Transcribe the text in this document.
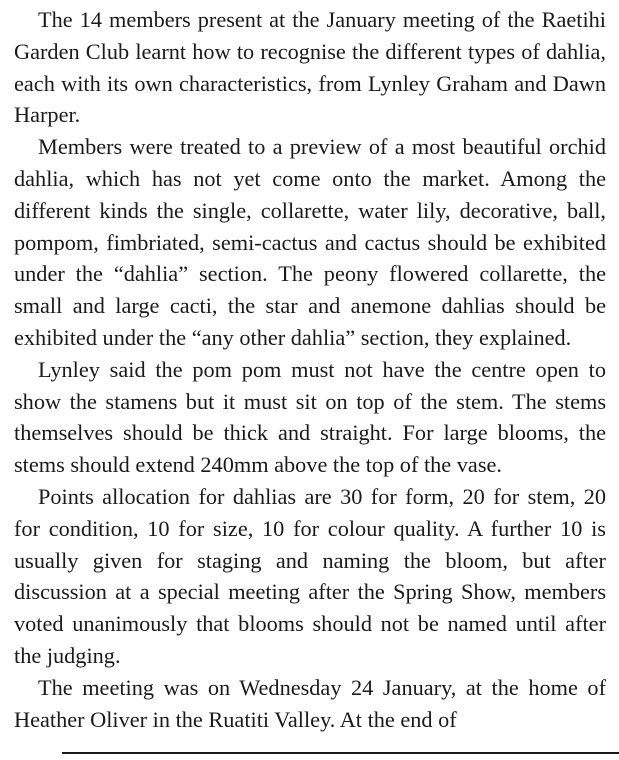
The 14 members present at the January meeting of the Raetihi Garden Club learnt how to recognise the different types of dahlia, each with its own characteristics, from Lynley Graham and Dawn Harper.

Members were treated to a preview of a most beautiful orchid dahlia, which has not yet come onto the market. Among the different kinds the single, collarette, water lily, decorative, ball, pompom, fimbriated, semi-cactus and cactus should be exhibited under the “dahlia” section. The peony flowered collarette, the small and large cacti, the star and anemone dahlias should be exhibited under the “any other dahlia” section, they explained.

Lynley said the pom pom must not have the centre open to show the stamens but it must sit on top of the stem. The stems themselves should be thick and straight. For large blooms, the stems should extend 240mm above the top of the vase.

Points allocation for dahlias are 30 for form, 20 for stem, 20 for condition, 10 for size, 10 for colour quality. A further 10 is usually given for staging and naming the bloom, but after discussion at a special meeting after the Spring Show, members voted unanimously that blooms should not be named until after the judging.

The meeting was on Wednesday 24 January, at the home of Heather Oliver in the Ruatiti Valley. At the end of
